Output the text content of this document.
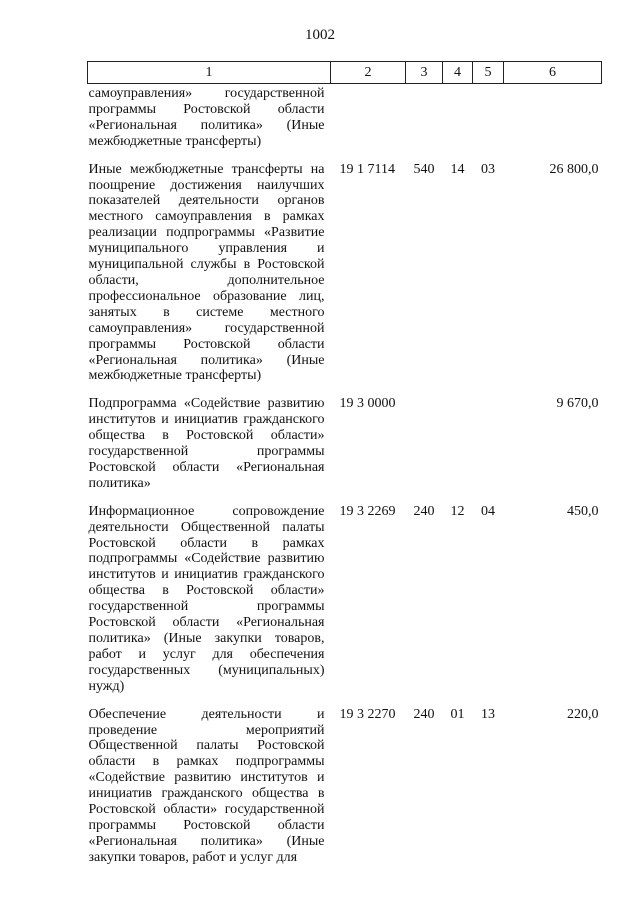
1002
1	2	3	4	5	6
самоуправления» государственной программы Ростовской области «Региональная политика» (Иные межбюджетные трансферты)					
Иные межбюджетные трансферты на поощрение достижения наилучших показателей деятельности органов местного самоуправления в рамках реализации подпрограммы «Развитие муниципального управления и муниципальной службы в Ростовской области, дополнительное профессиональное образование лиц, занятых в системе местного самоуправления» государственной программы Ростовской области «Региональная политика» (Иные межбюджетные трансферты)	19 1 7114	540	14	03	26 800,0
Подпрограмма «Содействие развитию институтов и инициатив гражданского общества в Ростовской области» государственной программы Ростовской области «Региональная политика»	19 3 0000				9 670,0
Информационное сопровождение деятельности Общественной палаты Ростовской области в рамках подпрограммы «Содействие развитию институтов и инициатив гражданского общества в Ростовской области» государственной программы Ростовской области «Региональная политика» (Иные закупки товаров, работ и услуг для обеспечения государственных (муниципальных) нужд)	19 3 2269	240	12	04	450,0
Обеспечение деятельности и проведение мероприятий Общественной палаты Ростовской области в рамках подпрограммы «Содействие развитию институтов и инициатив гражданского общества в Ростовской области» государственной программы Ростовской области «Региональная политика» (Иные закупки товаров, работ и услуг для	19 3 2270	240	01	13	220,0
